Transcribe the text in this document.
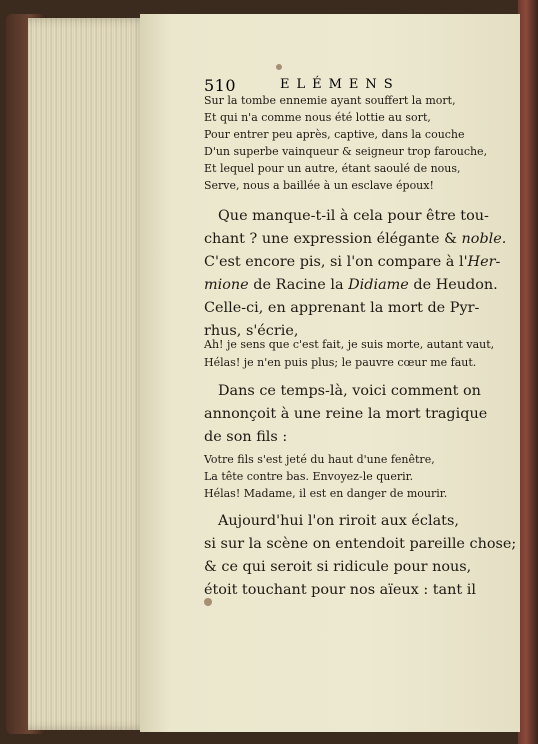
510	ELÉMENS
Sur la tombe ennemie ayant souffert la mort,
Et qui n'a comme nous été lottie au sort,
Pour entrer peu après, captive, dans la couche
D'un superbe vainqueur & seigneur trop farouche,
Et lequel pour un autre, étant saoulé de nous,
Serve, nous a baillée à un esclave époux!
Que manque-t-il à cela pour être tou-
chant ? une expression élégante & noble.
C'est encore pis, si l'on compare à l'Her-
mione de Racine la Didiame de Heudon.
Celle-ci, en apprenant la mort de Pyr-
rhus, s'écrie,
Ah! je sens que c'est fait, je suis morte, autant vaut,
Hélas! je n'en puis plus; le pauvre cœur me faut.
Dans ce temps-là, voici comment on
annonçoit à une reine la mort tragique
de son fils :
Votre fils s'est jeté du haut d'une fenêtre,
La tête contre bas. Envoyez-le querir.
Hélas! Madame, il est en danger de mourir.
Aujourd'hui l'on riroit aux éclats,
si sur la scène on entendoit pareille chose;
& ce qui seroit si ridicule pour nous,
étoit touchant pour nos aïeux : tant il
